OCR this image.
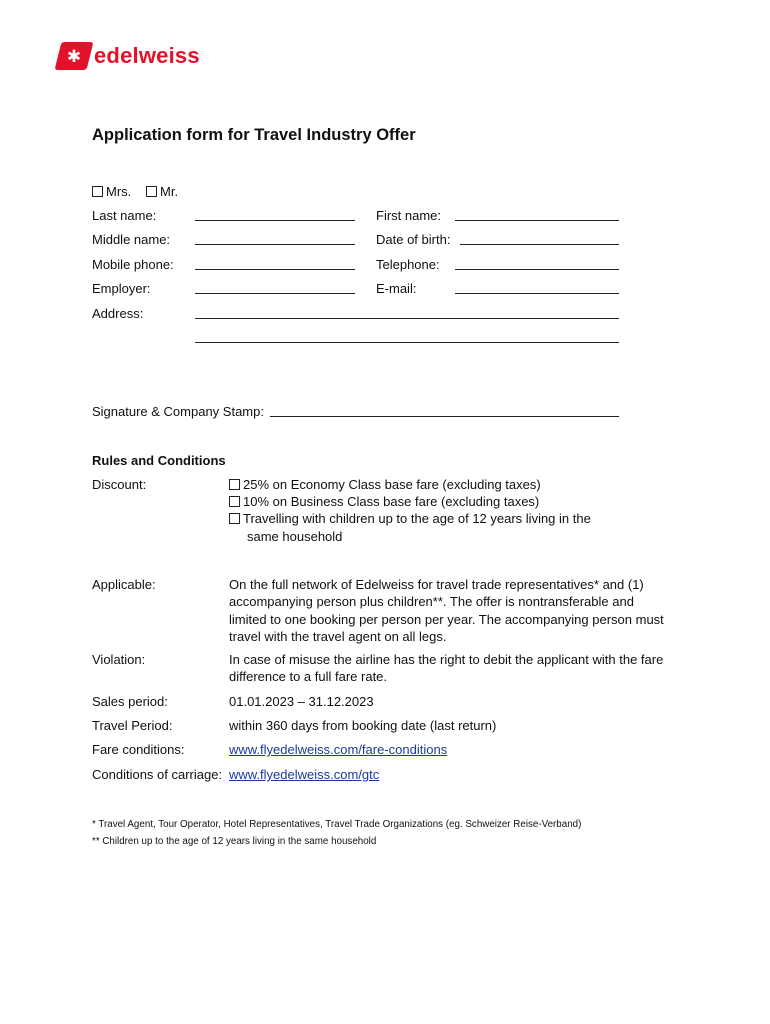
✱ edelweiss
Application form for Travel Industry Offer
Mrs.	Mr.
Last name:	First name:
Middle name:	Date of birth:
Mobile phone:	Telephone:
Employer:	E-mail:
Address:
Signature & Company Stamp:
Rules and Conditions
Discount:	25% on Economy Class base fare (excluding taxes)
10% on Business Class base fare (excluding taxes)
Travelling with children up to the age of 12 years living in the
same household
Applicable:	On the full network of Edelweiss for travel trade representatives* and (1) accompanying person plus children**. The offer is nontransferable and limited to one booking per person per year. The accompanying person must travel with the travel agent on all legs.
Violation:	In case of misuse the airline has the right to debit the applicant with the fare difference to a full fare rate.
Sales period:	01.01.2023 – 31.12.2023
Travel Period:	within 360 days from booking date (last return)
Fare conditions:	www.flyedelweiss.com/fare-conditions
Conditions of carriage: www.flyedelweiss.com/gtc
* Travel Agent, Tour Operator, Hotel Representatives, Travel Trade Organizations (eg. Schweizer Reise-Verband)
** Children up to the age of 12 years living in the same household
